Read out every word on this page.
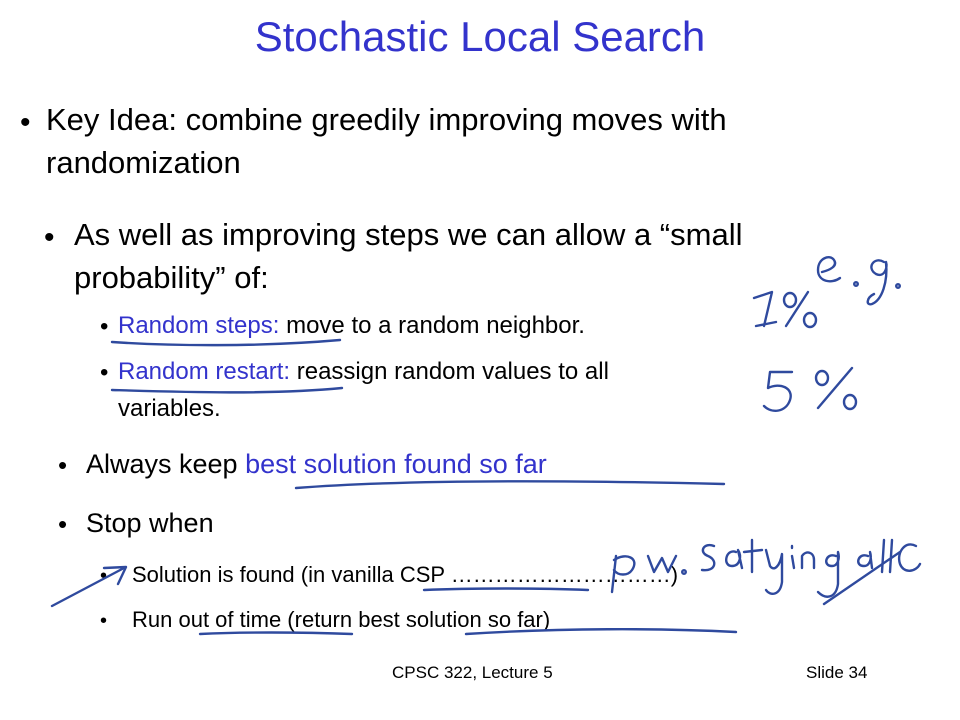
Stochastic Local Search
• Key Idea: combine greedily improving moves with
randomization
• As well as improving steps we can allow a “small
probability” of:
• Random steps: move to a random neighbor.
• Random restart: reassign random values to all
variables.
• Always keep best solution found so far
• Stop when
• Solution is found (in vanilla CSP …………………………)
• Run out of time (return best solution so far)
CPSC 322, Lecture 5	Slide 34
